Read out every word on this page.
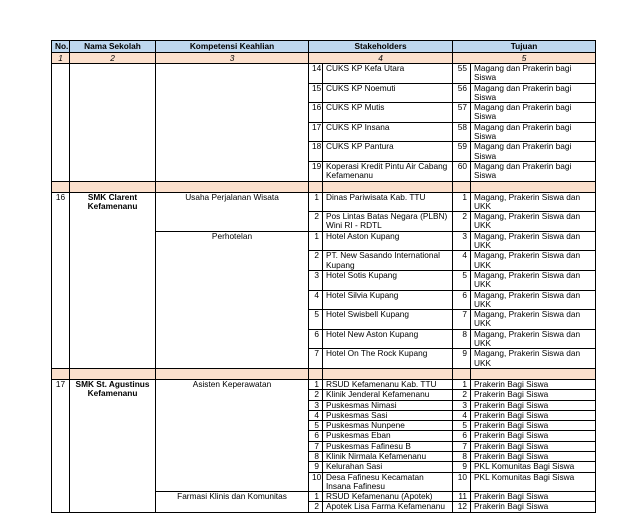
No.	Nama Sekolah	Kompetensi Keahlian	Stakeholders		Tujuan	
1	2	3	4		5	
			14	CUKS KP Kefa Utara	55	Magang dan Prakerin bagi Siswa
			15	CUKS KP Noemuti	56	Magang dan Prakerin bagi Siswa
			16	CUKS KP Mutis	57	Magang dan Prakerin bagi Siswa
			17	CUKS KP Insana	58	Magang dan Prakerin bagi Siswa
			18	CUKS KP Pantura	59	Magang dan Prakerin bagi Siswa
			19	Koperasi Kredit Pintu Air Cabang Kefamenanu	60	Magang dan Prakerin bagi Siswa

16	SMK Clarent Kefamenanu	Usaha Perjalanan Wisata	1	Dinas Pariwisata Kab. TTU	1	Magang, Prakerin Siswa dan UKK
			2	Pos Lintas Batas Negara (PLBN) Wini RI - RDTL	2	Magang, Prakerin Siswa dan UKK
		Perhotelan	1	Hotel Aston Kupang	3	Magang, Prakerin Siswa dan UKK
			2	PT. New Sasando International Kupang	4	Magang, Prakerin Siswa dan UKK
			3	Hotel Sotis Kupang	5	Magang, Prakerin Siswa dan UKK
			4	Hotel Silvia Kupang	6	Magang, Prakerin Siswa dan UKK
			5	Hotel Swisbell Kupang	7	Magang, Prakerin Siswa dan UKK
			6	Hotel New Aston Kupang	8	Magang, Prakerin Siswa dan UKK
			7	Hotel On The Rock Kupang	9	Magang, Prakerin Siswa dan UKK

17	SMK St. Agustinus Kefamenanu	Asisten Keperawatan	1	RSUD Kefamenanu Kab. TTU	1	Prakerin Bagi Siswa
			2	Klinik Jenderal Kefamenanu	2	Prakerin Bagi Siswa
			3	Puskesmas Nimasi	3	Prakerin Bagi Siswa
			4	Puskesmas Sasi	4	Prakerin Bagi Siswa
			5	Puskesmas Nunpene	5	Prakerin Bagi Siswa
			6	Puskesmas Eban	6	Prakerin Bagi Siswa
			7	Puskesmas Fafinesu B	7	Prakerin Bagi Siswa
			8	Klinik Nirmala Kefamenanu	8	Prakerin Bagi Siswa
			9	Kelurahan Sasi	9	PKL Komunitas Bagi Siswa
			10	Desa Fafinesu Kecamatan Insana Fafinesu	10	PKL Komunitas Bagi Siswa
		Farmasi Klinis dan Komunitas	1	RSUD Kefamenanu (Apotek)	11	Prakerin Bagi Siswa
			2	Apotek Lisa Farma Kefamenanu	12	Prakerin Bagi Siswa
